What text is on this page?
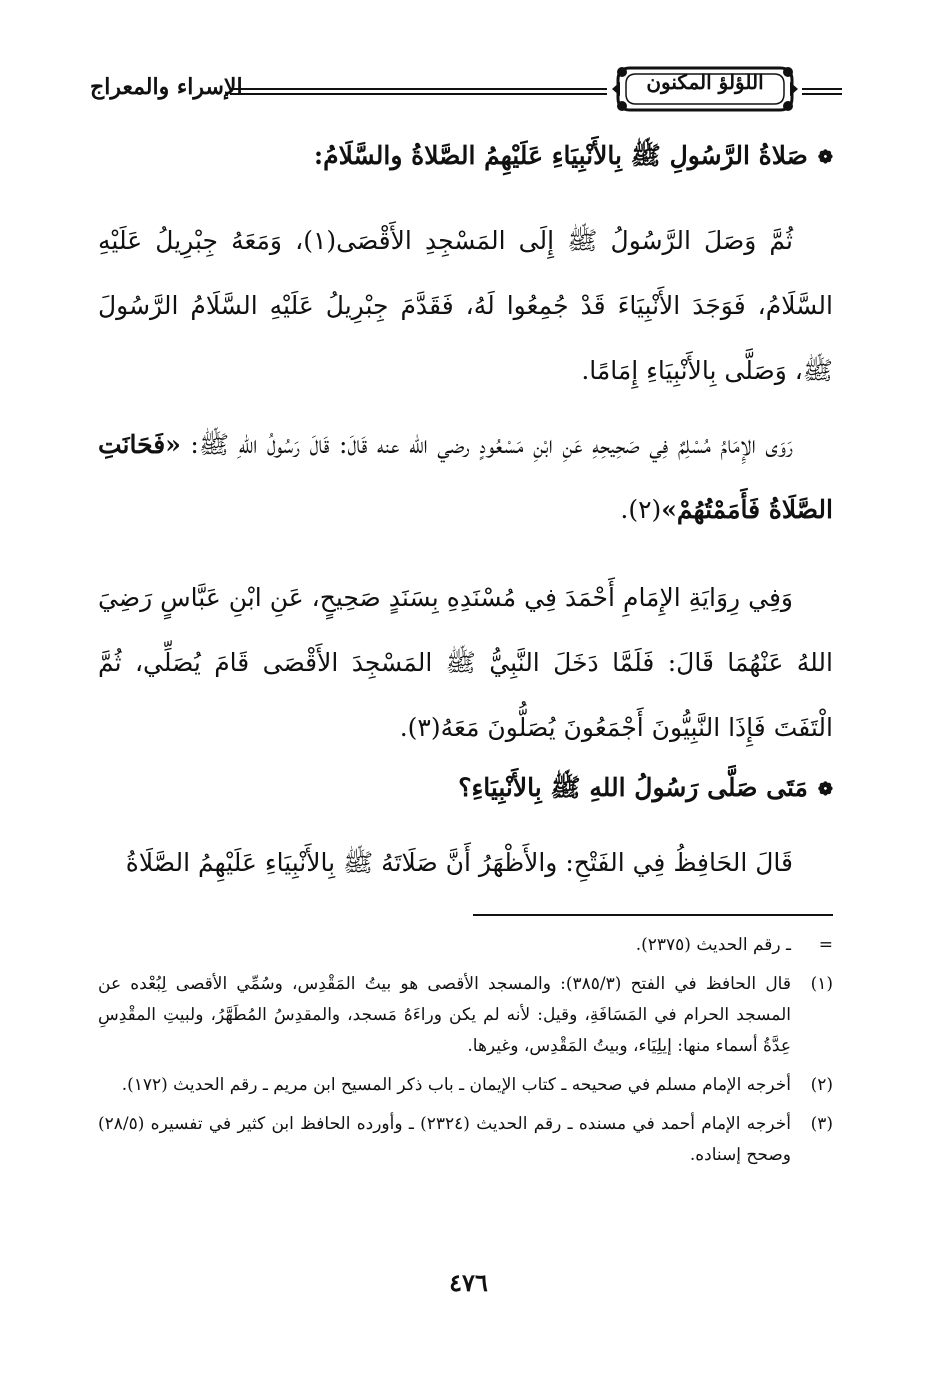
اللؤلؤ المكنون
الإسراء والمعراج
❁صَلاةُ الرَّسُولِ ﷺ بِالأَنْبِيَاءِ عَلَيْهِمُ الصَّلاةُ والسَّلَامُ:

ثُمَّ وَصَلَ الرَّسُولُ ﷺ إِلَى المَسْجِدِ الأَقْصَى(١)، وَمَعَهُ جِبْرِيلُ عَلَيْهِ السَّلَامُ، فَوَجَدَ الأَنْبِيَاءَ قَدْ جُمِعُوا لَهُ، فَقَدَّمَ جِبْرِيلُ عَلَيْهِ السَّلَامُ الرَّسُولَ ﷺ، وَصَلَّى بِالأَنْبِيَاءِ إِمَامًا.

رَوَى الإِمَامُ مُسْلِمٌ فِي صَحِيحِهِ عَنِ ابْنِ مَسْعُودٍ رضي الله عنه قَالَ: قَالَ رَسُولُ اللهِ ﷺ: «فَحَانَتِ الصَّلَاةُ فَأَمَمْتُهُمْ»(٢).

وَفِي رِوَايَةِ الإِمَامِ أَحْمَدَ فِي مُسْنَدِهِ بِسَنَدٍ صَحِيحٍ، عَنِ ابْنِ عَبَّاسٍ رَضِيَ اللهُ عَنْهُمَا قَالَ: فَلَمَّا دَخَلَ النَّبِيُّ ﷺ المَسْجِدَ الأَقْصَى قَامَ يُصَلِّي، ثُمَّ الْتَفَتَ فَإِذَا النَّبِيُّونَ أَجْمَعُونَ يُصَلُّونَ مَعَهُ(٣).

❁مَتَى صَلَّى رَسُولُ اللهِ ﷺ بِالأَنْبِيَاءِ؟

قَالَ الحَافِظُ فِي الفَتْحِ: والأَظْهَرُ أَنَّ صَلَاتَهُ ﷺ بِالأَنْبِيَاءِ عَلَيْهِمُ الصَّلَاةُ

=
ـ رقم الحديث (٢٣٧٥).
(١)
قال الحافظ في الفتح (٣٨٥/٣): والمسجد الأقصى هو بيتُ المَقْدِس، وسُمِّي الأقصى لِبُعْده عن المسجد الحرام في المَسَافَةِ، وقيل: لأنه لم يكن وراءَهُ مَسجد، والمقدِسُ المُطَهَّرُ، ولبيتِ المقْدِسِ عِدَّةُ أسماء منها: إيلِيَاء، وبيتُ المَقْدِس، وغيرها.
(٢)
أخرجه الإمام مسلم في صحيحه ـ كتاب الإيمان ـ باب ذكر المسيح ابن مريم ـ رقم الحديث (١٧٢).
(٣)
أخرجه الإمام أحمد في مسنده ـ رقم الحديث (٢٣٢٤) ـ وأورده الحافظ ابن كثير في تفسيره (٢٨/٥) وصحح إسناده.
٤٧٦
